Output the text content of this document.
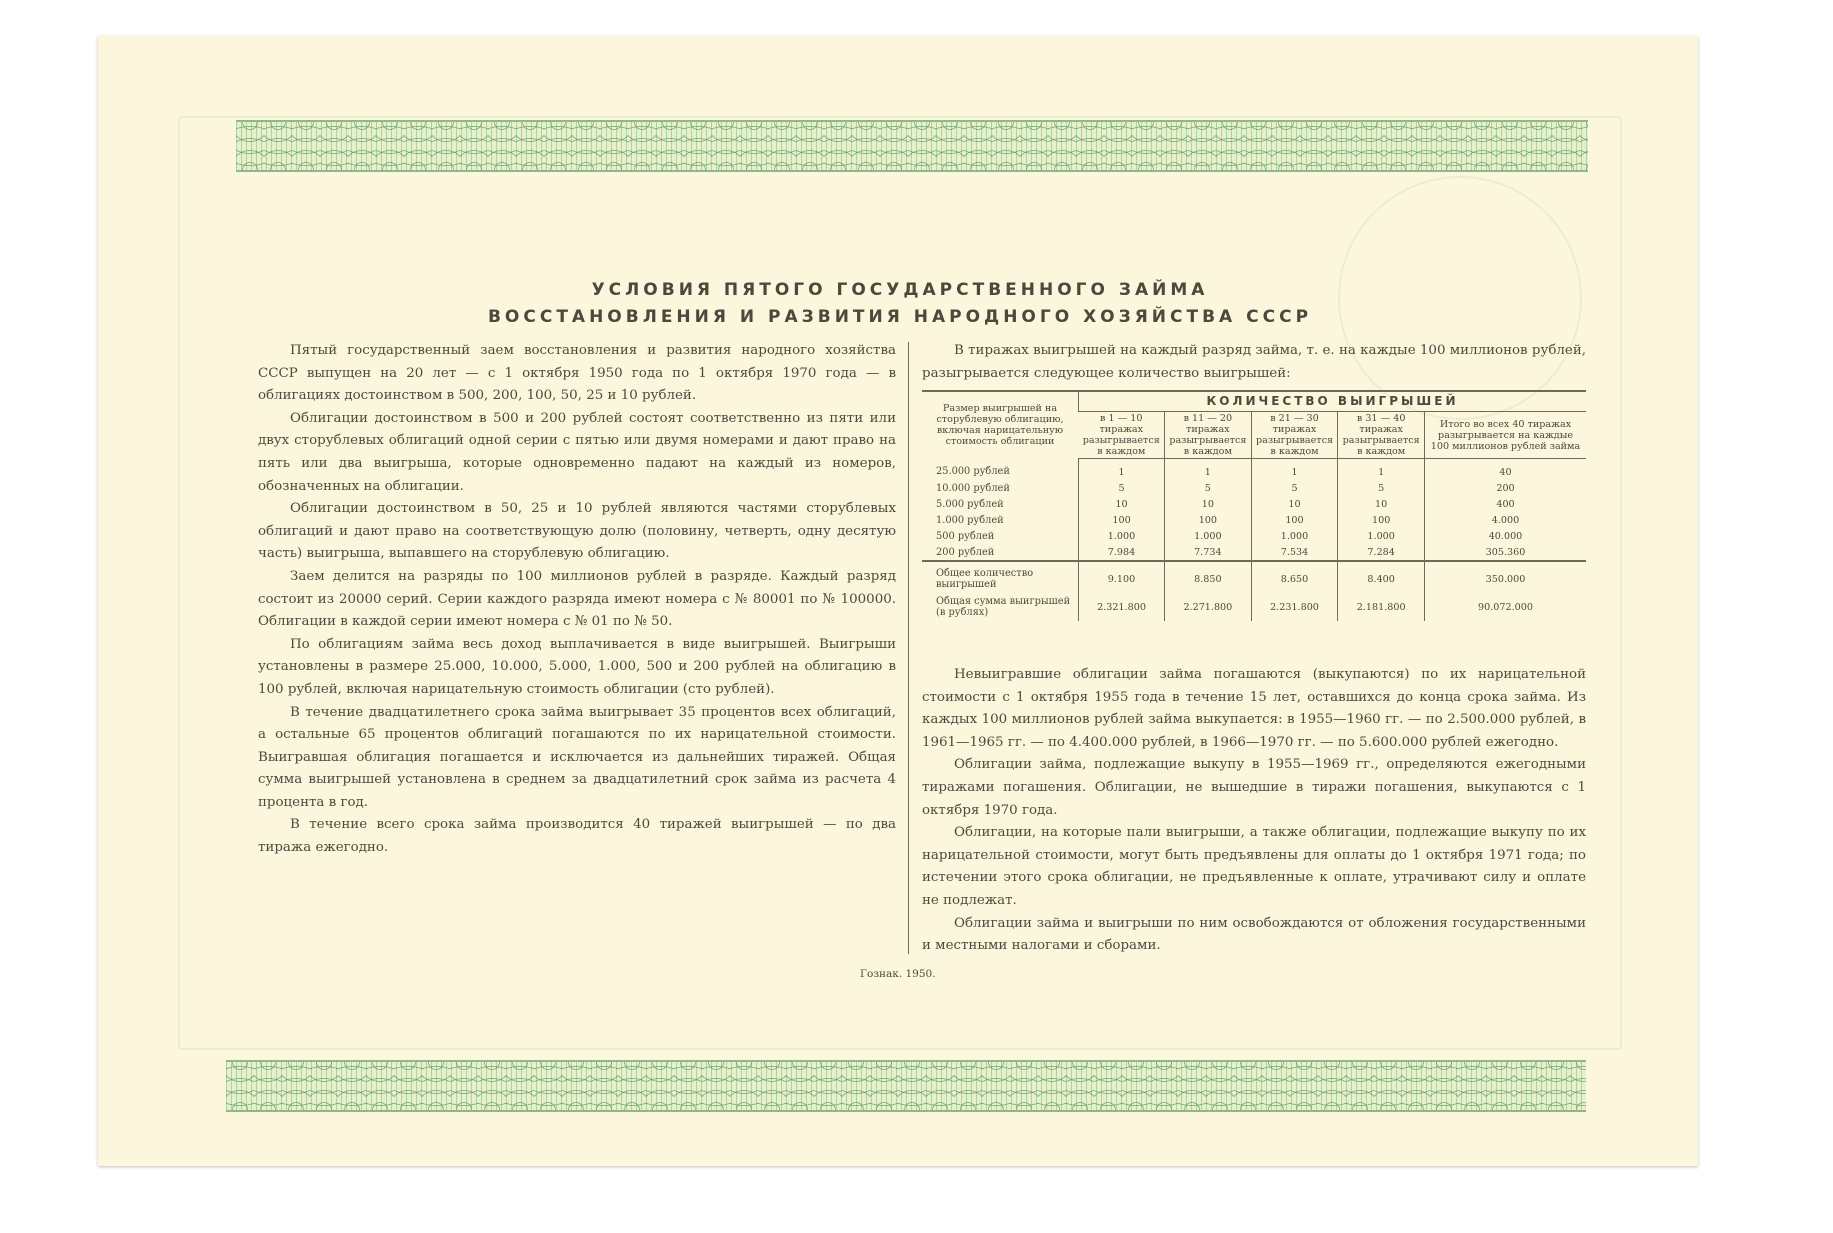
УСЛОВИЯ ПЯТОГО ГОСУДАРСТВЕННОГО ЗАЙМА
ВОССТАНОВЛЕНИЯ И РАЗВИТИЯ НАРОДНОГО ХОЗЯЙСТВА СССР

Пятый государственный заем восстановления и развития народного хозяйства СССР выпущен на 20 лет — с 1 октября 1950 года по 1 октября 1970 года — в облигациях достоинством в 500, 200, 100, 50, 25 и 10 рублей.

Облигации достоинством в 500 и 200 рублей состоят соответственно из пяти или двух сторублевых облигаций одной серии с пятью или двумя номерами и дают право на пять или два выигрыша, которые одновременно падают на каждый из номеров, обозначенных на облигации.

Облигации достоинством в 50, 25 и 10 рублей являются частями сторублевых облигаций и дают право на соответствующую долю (половину, четверть, одну десятую часть) выигрыша, выпавшего на сторублевую облигацию.

Заем делится на разряды по 100 миллионов рублей в разряде. Каждый разряд состоит из 20000 серий. Серии каждого разряда имеют номера с № 80001 по № 100000. Облигации в каждой серии имеют номера с № 01 по № 50.

По облигациям займа весь доход выплачивается в виде выигрышей. Выигрыши установлены в размере 25.000, 10.000, 5.000, 1.000, 500 и 200 рублей на облигацию в 100 рублей, включая нарицательную стоимость облигации (сто рублей).

В течение двадцатилетнего срока займа выигрывает 35 процентов всех облигаций, а остальные 65 процентов облигаций погашаются по их нарицательной стоимости. Выигравшая облигация погашается и исключается из дальнейших тиражей. Общая сумма выигрышей установлена в среднем за двадцатилетний срок займа из расчета 4 процента в год.

В течение всего срока займа производится 40 тиражей выигрышей — по два тиража ежегодно.

В тиражах выигрышей на каждый разряд займа, т. е. на каждые 100 миллионов рублей, разыгрывается следующее количество выигрышей:

Размер выигрышей на сторублевую облигацию, включая нарицательную стоимость облигации	КОЛИЧЕСТВО ВЫИГРЫШЕЙ				
	в 1 — 10 тиражах разыгрывается в каждом	в 11 — 20 тиражах разыгрывается в каждом	в 21 — 30 тиражах разыгрывается в каждом	в 31 — 40 тиражах разыгрывается в каждом	Итого во всех 40 тиражах разыгрывается на каждые 100 миллионов рублей займа
25.000 рублей	1	1	1	1	40
10.000 рублей	5	5	5	5	200
5.000 рублей	10	10	10	10	400
1.000 рублей	100	100	100	100	4.000
500 рублей	1.000	1.000	1.000	1.000	40.000
200 рублей	7.984	7.734	7.534	7.284	305.360
Общее количество выигрышей	9.100	8.850	8.650	8.400	350.000
Общая сумма выигрышей (в рублях)	2.321.800	2.271.800	2.231.800	2.181.800	90.072.000

Невыигравшие облигации займа погашаются (выкупаются) по их нарицательной стоимости с 1 октября 1955 года в течение 15 лет, оставшихся до конца срока займа. Из каждых 100 миллионов рублей займа выкупается: в 1955—1960 гг. — по 2.500.000 рублей, в 1961—1965 гг. — по 4.400.000 рублей, в 1966—1970 гг. — по 5.600.000 рублей ежегодно.

Облигации займа, подлежащие выкупу в 1955—1969 гг., определяются ежегодными тиражами погашения. Облигации, не вышедшие в тиражи погашения, выкупаются с 1 октября 1970 года.

Облигации, на которые пали выигрыши, а также облигации, подлежащие выкупу по их нарицательной стоимости, могут быть предъявлены для оплаты до 1 октября 1971 года; по истечении этого срока облигации, не предъявленные к оплате, утрачивают силу и оплате не подлежат.

Облигации займа и выигрыши по ним освобождаются от обложения государственными и местными налогами и сборами.

Гознак. 1950.
